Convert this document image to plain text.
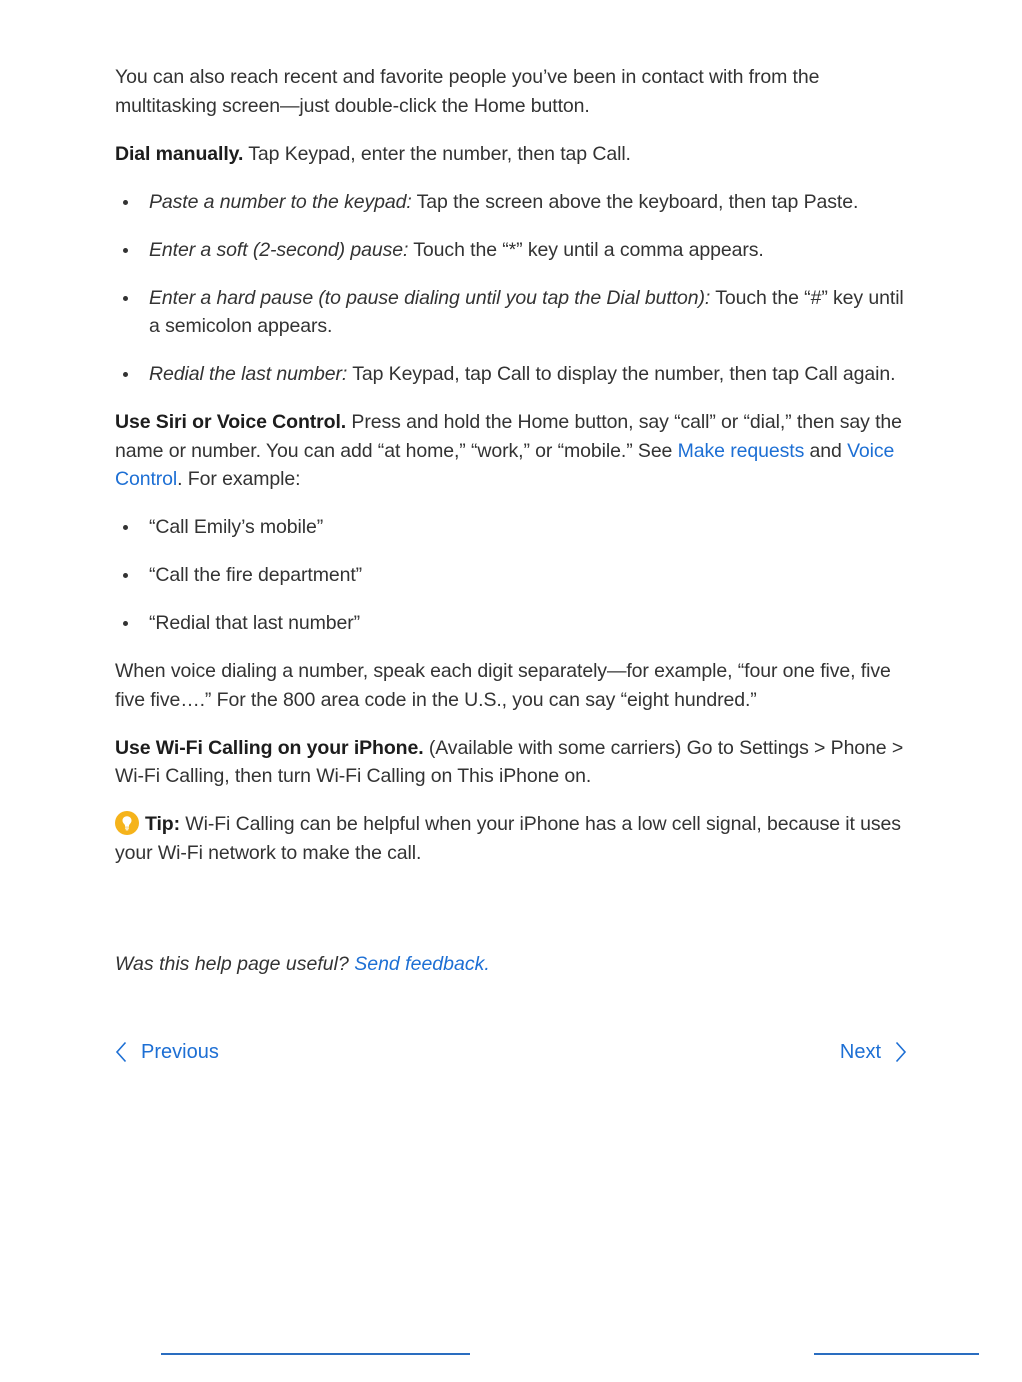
You can also reach recent and favorite people you’ve been in contact with from the multitasking screen—just double-click the Home button.

Dial manually. Tap Keypad, enter the number, then tap Call.

Paste a number to the keypad: Tap the screen above the keyboard, then tap Paste.
Enter a soft (2-second) pause: Touch the “*” key until a comma appears.
Enter a hard pause (to pause dialing until you tap the Dial button): Touch the “#” key until a semicolon appears.
Redial the last number: Tap Keypad, tap Call to display the number, then tap Call again.

Use Siri or Voice Control. Press and hold the Home button, say “call” or “dial,” then say the name or number. You can add “at home,” “work,” or “mobile.” See Make requests and Voice Control. For example:

“Call Emily’s mobile”
“Call the fire department”
“Redial that last number”

When voice dialing a number, speak each digit separately—for example, “four one five, five five five….” For the 800 area code in the U.S., you can say “eight hundred.”

Use Wi-Fi Calling on your iPhone. (Available with some carriers) Go to Settings > Phone > Wi-Fi Calling, then turn Wi-Fi Calling on This iPhone on.

Tip: Wi-Fi Calling can be helpful when your iPhone has a low cell signal, because it uses your Wi-Fi network to make the call.

Was this help page useful? Send feedback.
Previous	Next
